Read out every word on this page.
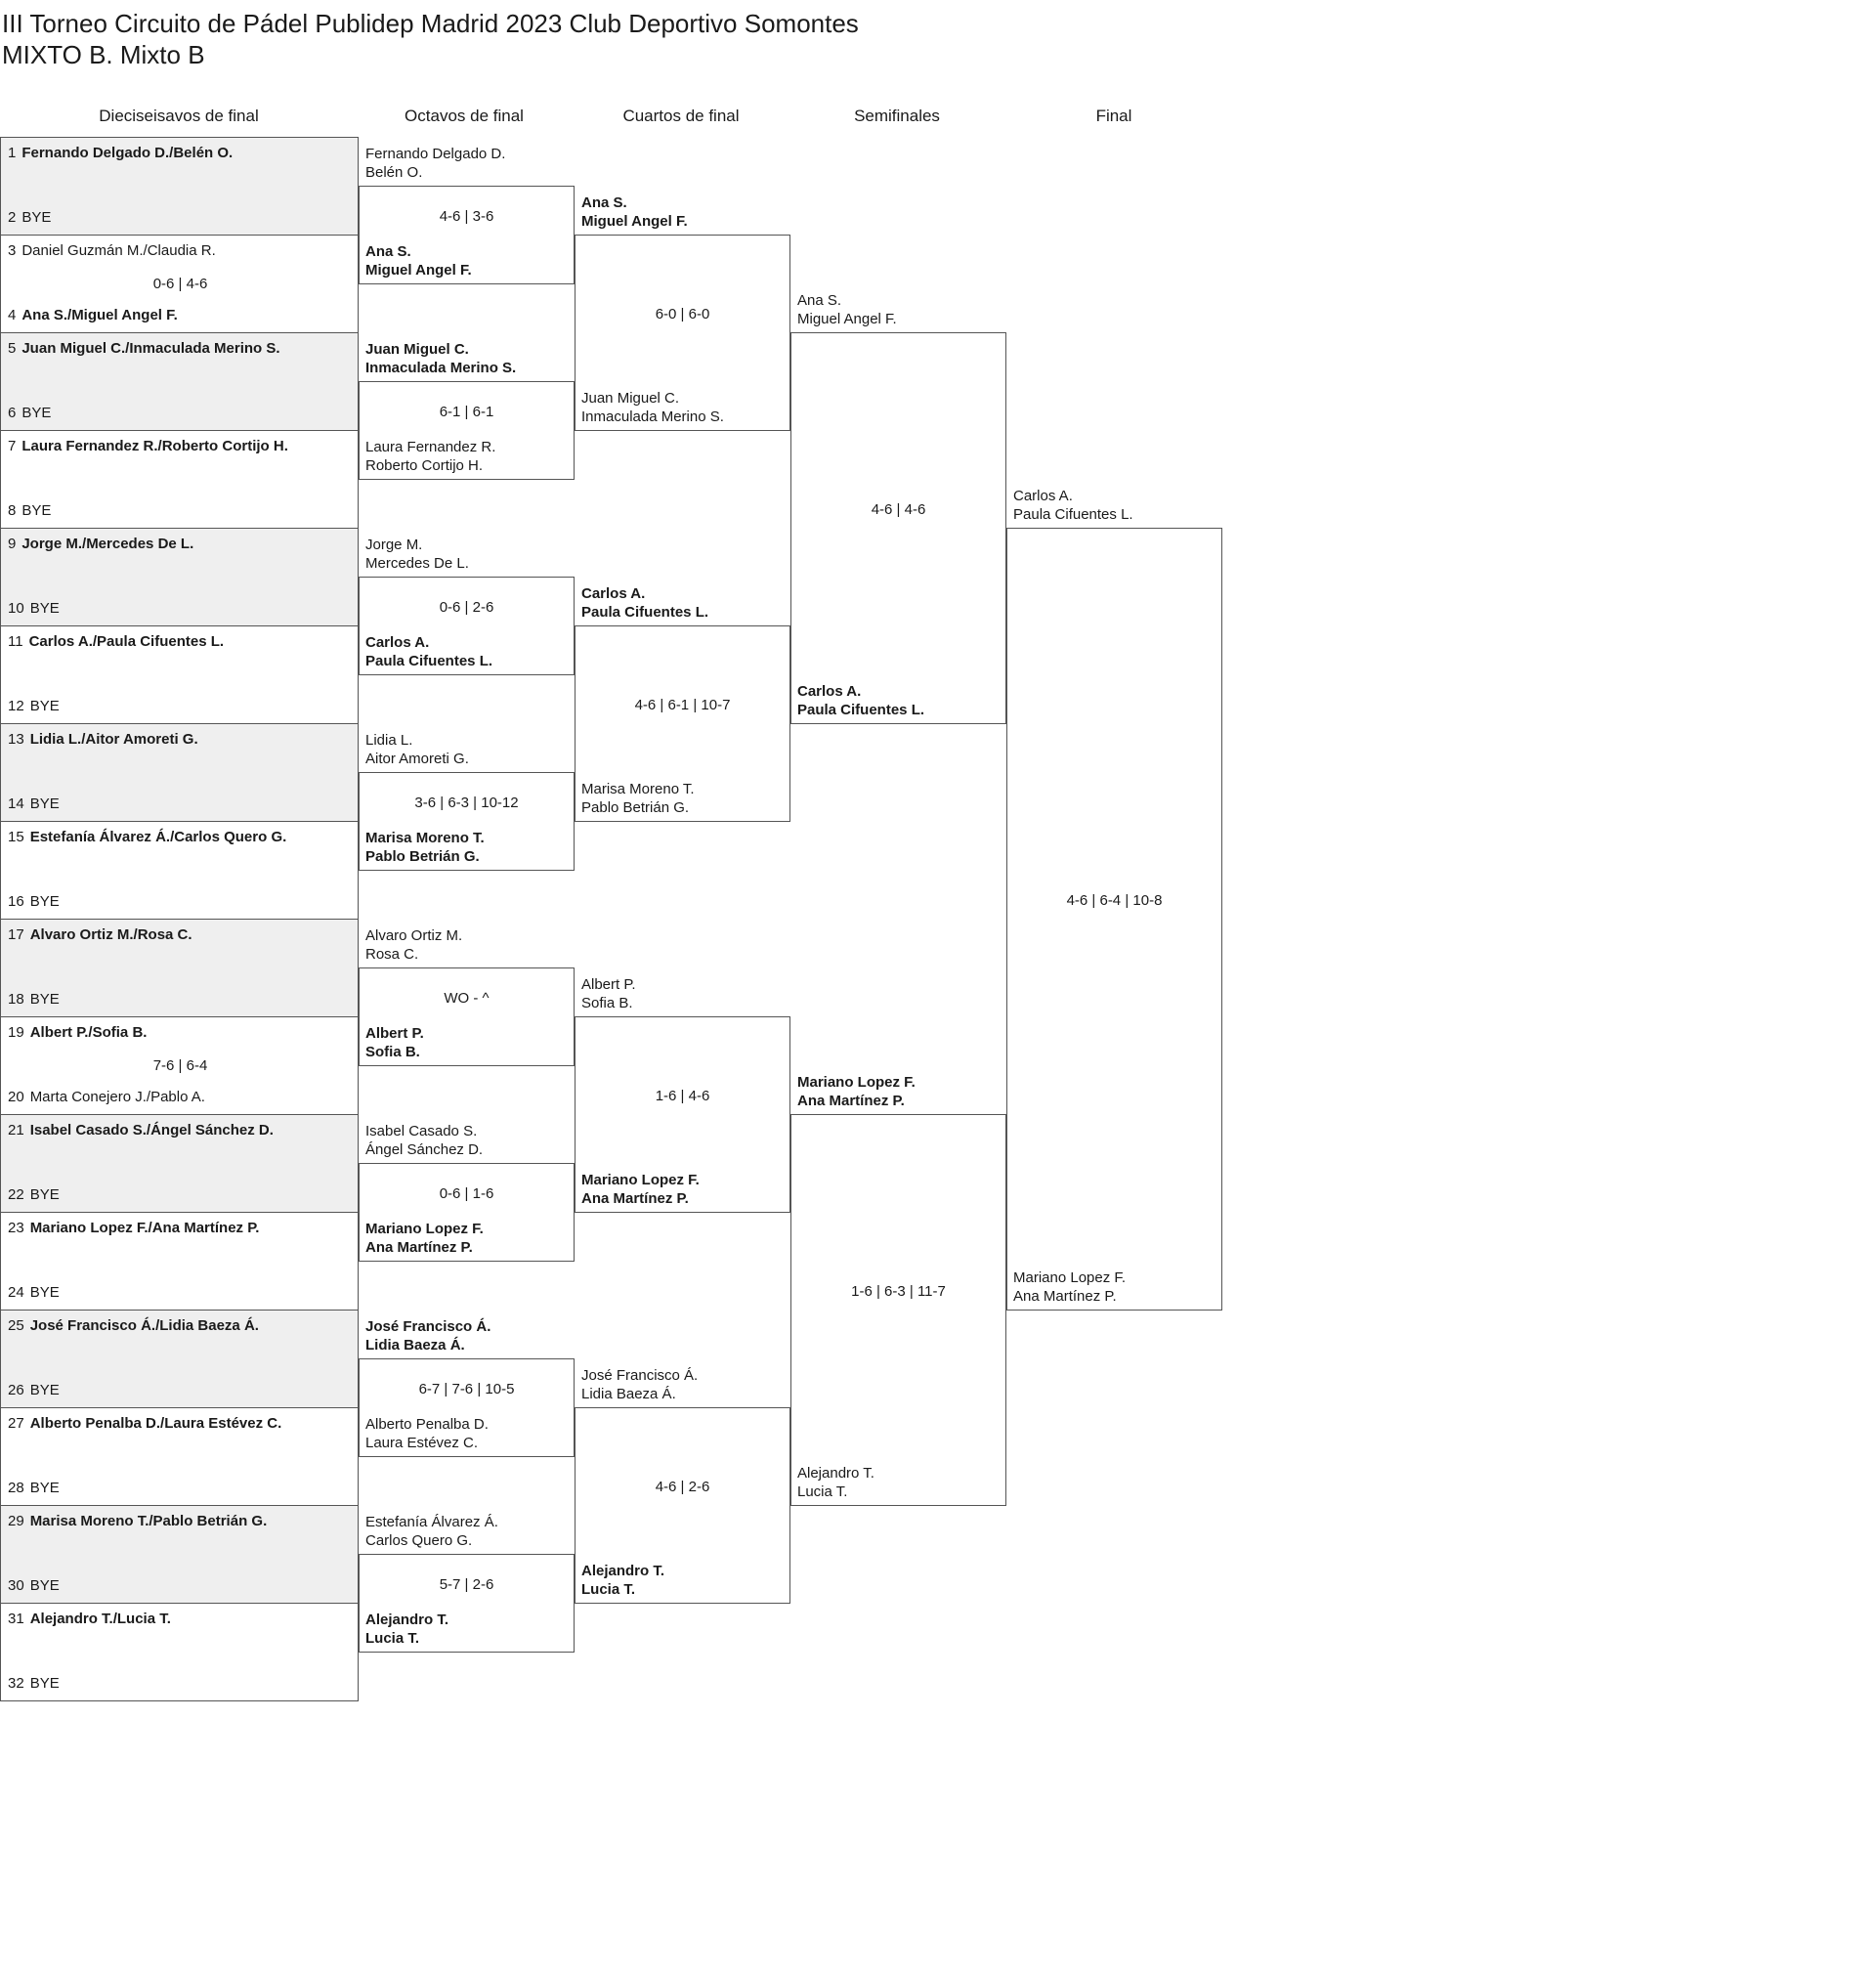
III Torneo Circuito de Pádel Publidep Madrid 2023 Club Deportivo Somontes
MIXTO B. Mixto B
Dieciseisavos de final	Octavos de final	Cuartos de final	Semifinales	Final
1 Fernando Delgado D./Belén O.
2 BYE
3 Daniel Guzmán M./Claudia R.
4 Ana S./Miguel Angel F.
0-6 | 4-6
5 Juan Miguel C./Inmaculada Merino S.
6 BYE
7 Laura Fernandez R./Roberto Cortijo H.
8 BYE
9 Jorge M./Mercedes De L.
10 BYE
11 Carlos A./Paula Cifuentes L.
12 BYE
13 Lidia L./Aitor Amoreti G.
14 BYE
15 Estefanía Álvarez Á./Carlos Quero G.
16 BYE
17 Alvaro Ortiz M./Rosa C.
18 BYE
19 Albert P./Sofia B.
20 Marta Conejero J./Pablo A.
7-6 | 6-4
21 Isabel Casado S./Ángel Sánchez D.
22 BYE
23 Mariano Lopez F./Ana Martínez P.
24 BYE
25 José Francisco Á./Lidia Baeza Á.
26 BYE
27 Alberto Penalba D./Laura Estévez C.
28 BYE
29 Marisa Moreno T./Pablo Betrián G.
30 BYE
31 Alejandro T./Lucia T.
32 BYE
Fernando Delgado D.
Belén O.
Ana S.
Miguel Angel F.
4-6 | 3-6
Juan Miguel C.
Inmaculada Merino S.
Laura Fernandez R.
Roberto Cortijo H.
6-1 | 6-1
Jorge M.
Mercedes De L.
Carlos A.
Paula Cifuentes L.
0-6 | 2-6
Lidia L.
Aitor Amoreti G.
Marisa Moreno T.
Pablo Betrián G.
3-6 | 6-3 | 10-12
Alvaro Ortiz M.
Rosa C.
Albert P.
Sofia B.
WO - ^
Isabel Casado S.
Ángel Sánchez D.
Mariano Lopez F.
Ana Martínez P.
0-6 | 1-6
José Francisco Á.
Lidia Baeza Á.
Alberto Penalba D.
Laura Estévez C.
6-7 | 7-6 | 10-5
Estefanía Álvarez Á.
Carlos Quero G.
Alejandro T.
Lucia T.
5-7 | 2-6
Ana S.
Miguel Angel F.
Juan Miguel C.
Inmaculada Merino S.
6-0 | 6-0
Carlos A.
Paula Cifuentes L.
Marisa Moreno T.
Pablo Betrián G.
4-6 | 6-1 | 10-7
Albert P.
Sofia B.
Mariano Lopez F.
Ana Martínez P.
1-6 | 4-6
José Francisco Á.
Lidia Baeza Á.
Alejandro T.
Lucia T.
4-6 | 2-6
Ana S.
Miguel Angel F.
Carlos A.
Paula Cifuentes L.
4-6 | 4-6
Mariano Lopez F.
Ana Martínez P.
Alejandro T.
Lucia T.
1-6 | 6-3 | 11-7
Carlos A.
Paula Cifuentes L.
Mariano Lopez F.
Ana Martínez P.
4-6 | 6-4 | 10-8
